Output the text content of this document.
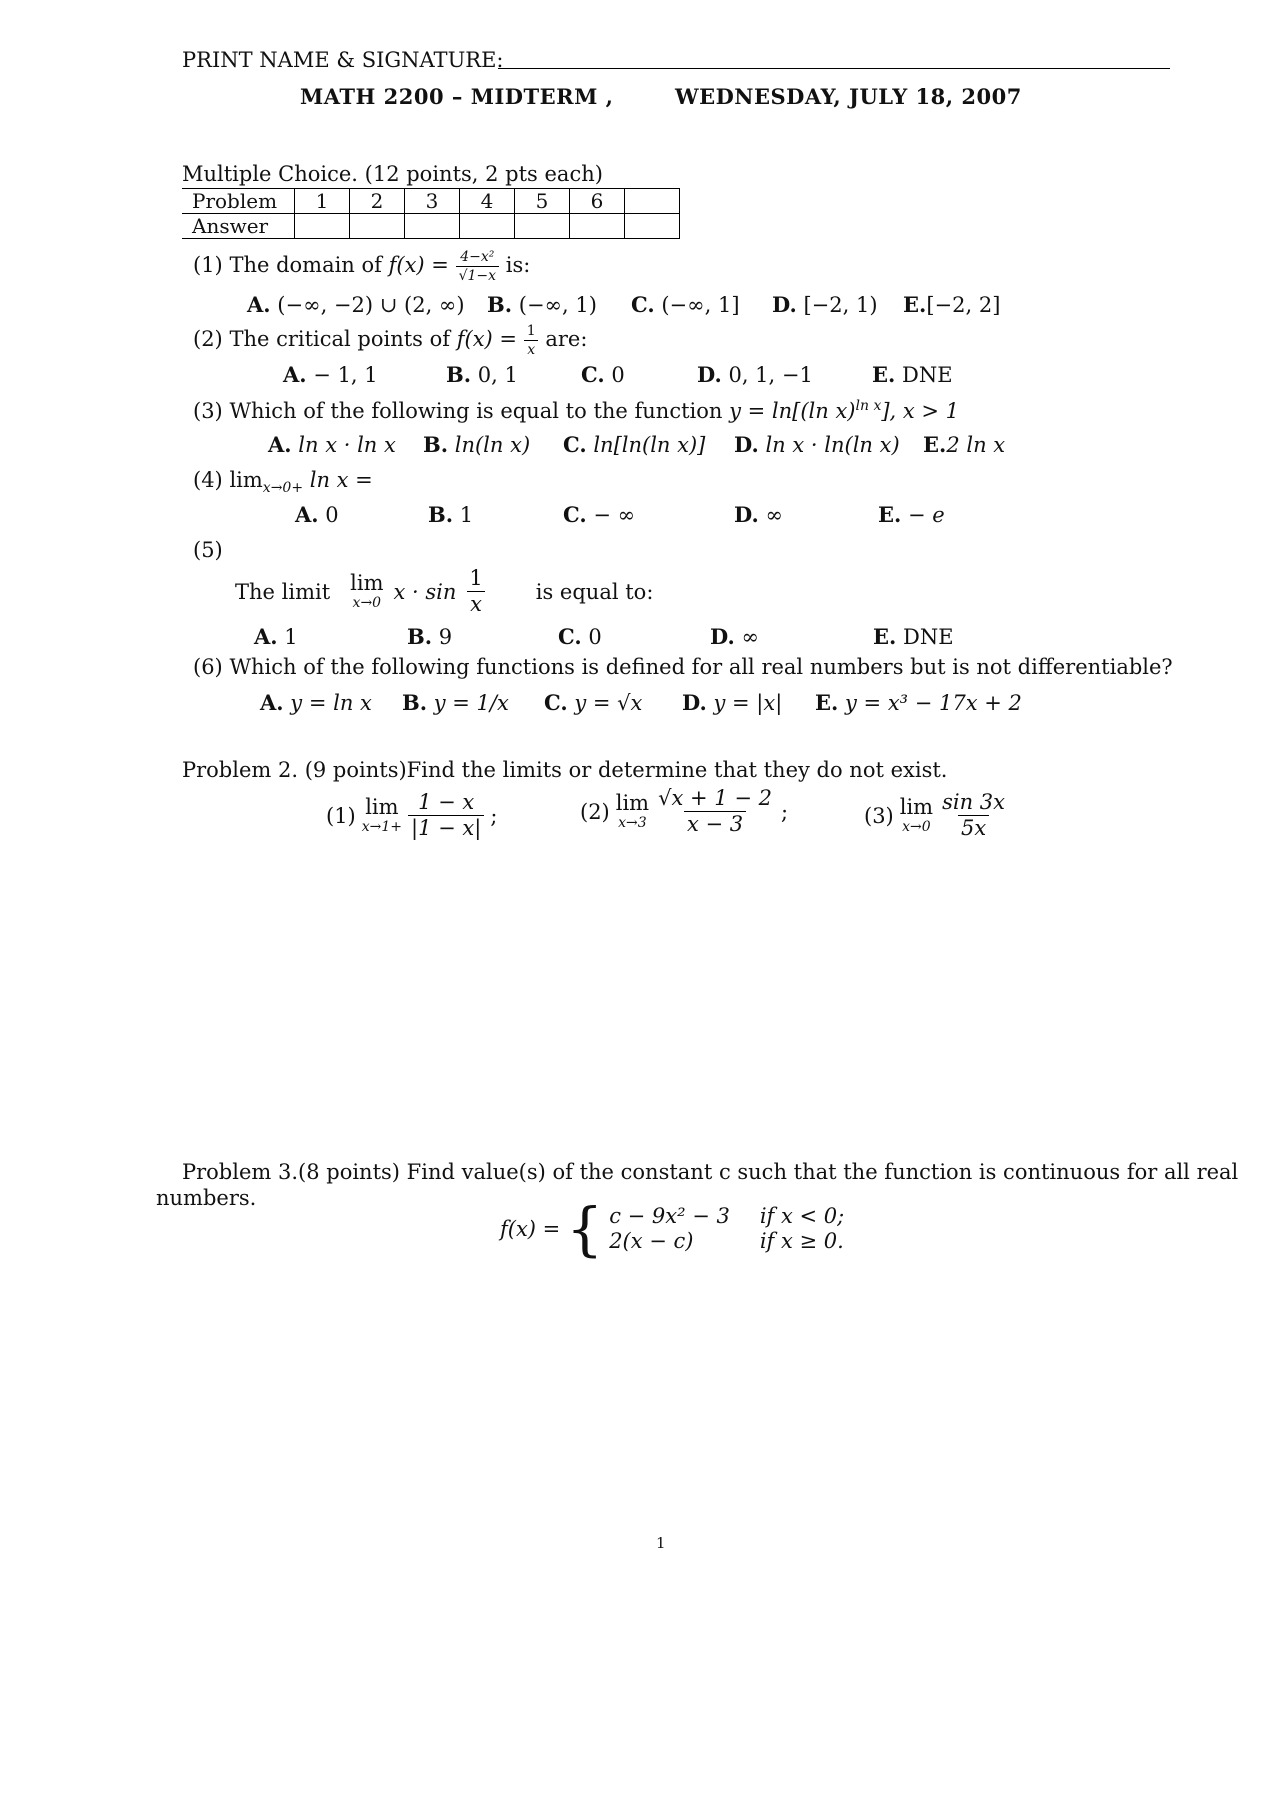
PRINT NAME & SIGNATURE:
MATH 2200 – MIDTERM ,	WEDNESDAY, JULY 18, 2007
Multiple Choice. (12 points, 2 pts each)
Problem	1	2	3	4	5	6	
Answer							
(1) The domain of $f(x) = \frac{\text{4−x²}}{√1-x}$ is:
A. (−∞, −2) ∪ (2, ∞) B. (−∞, 1) C. (−∞, 1] D. [−2, 1) E.[−2, 2]
(2) The critical points of $f(x) = \frac{1}{x}$ are:
A. − 1, 1	B. 0, 1	C. 0	D. 0, 1, −1	E. DNE
(3) Which of the following is equal to the function y = ln[(ln x)$^{ln x}$], x > 1
A. ln x · ln x B. ln(ln x) C. ln[ln(ln x)] D. ln x · ln(ln x) E.2 ln x
(4) $\lim_{x\to 0+} \ln x$ =
A. 0	B. 1	C. − ∞	D. ∞	E. − e
(5)
The limit lim
x→0 $x \cdot \sin \frac{1}{x}$ is equal to:
A. 1	B. 9	C. 0	D. ∞	E. DNE
(6) Which of the following functions is defined for all real numbers but is not differentiable?
A. y = ln x B. y = 1/x C. y = √x D. y = |x| E. y = x³ − 17x + 2
Problem 2. (9 points)Find the limits or determine that they do not exist.
(1) lim
$x\to 1+ \frac{1 - x}{|1 - x|}$ ;	(2) lim
$x\to 3 \frac{√x + 1 - 2}{x - 3}$ ;	(3) lim
$x\to 0 \frac{\sin 3x}{5x}$
Problem 3.(8 points) Find value(s) of the constant c such that the function is continuous for all real
numbers.
f(x) = { c − 9x² − 3 if x < 0;
2(x − c)	if x ≥ 0.
1
